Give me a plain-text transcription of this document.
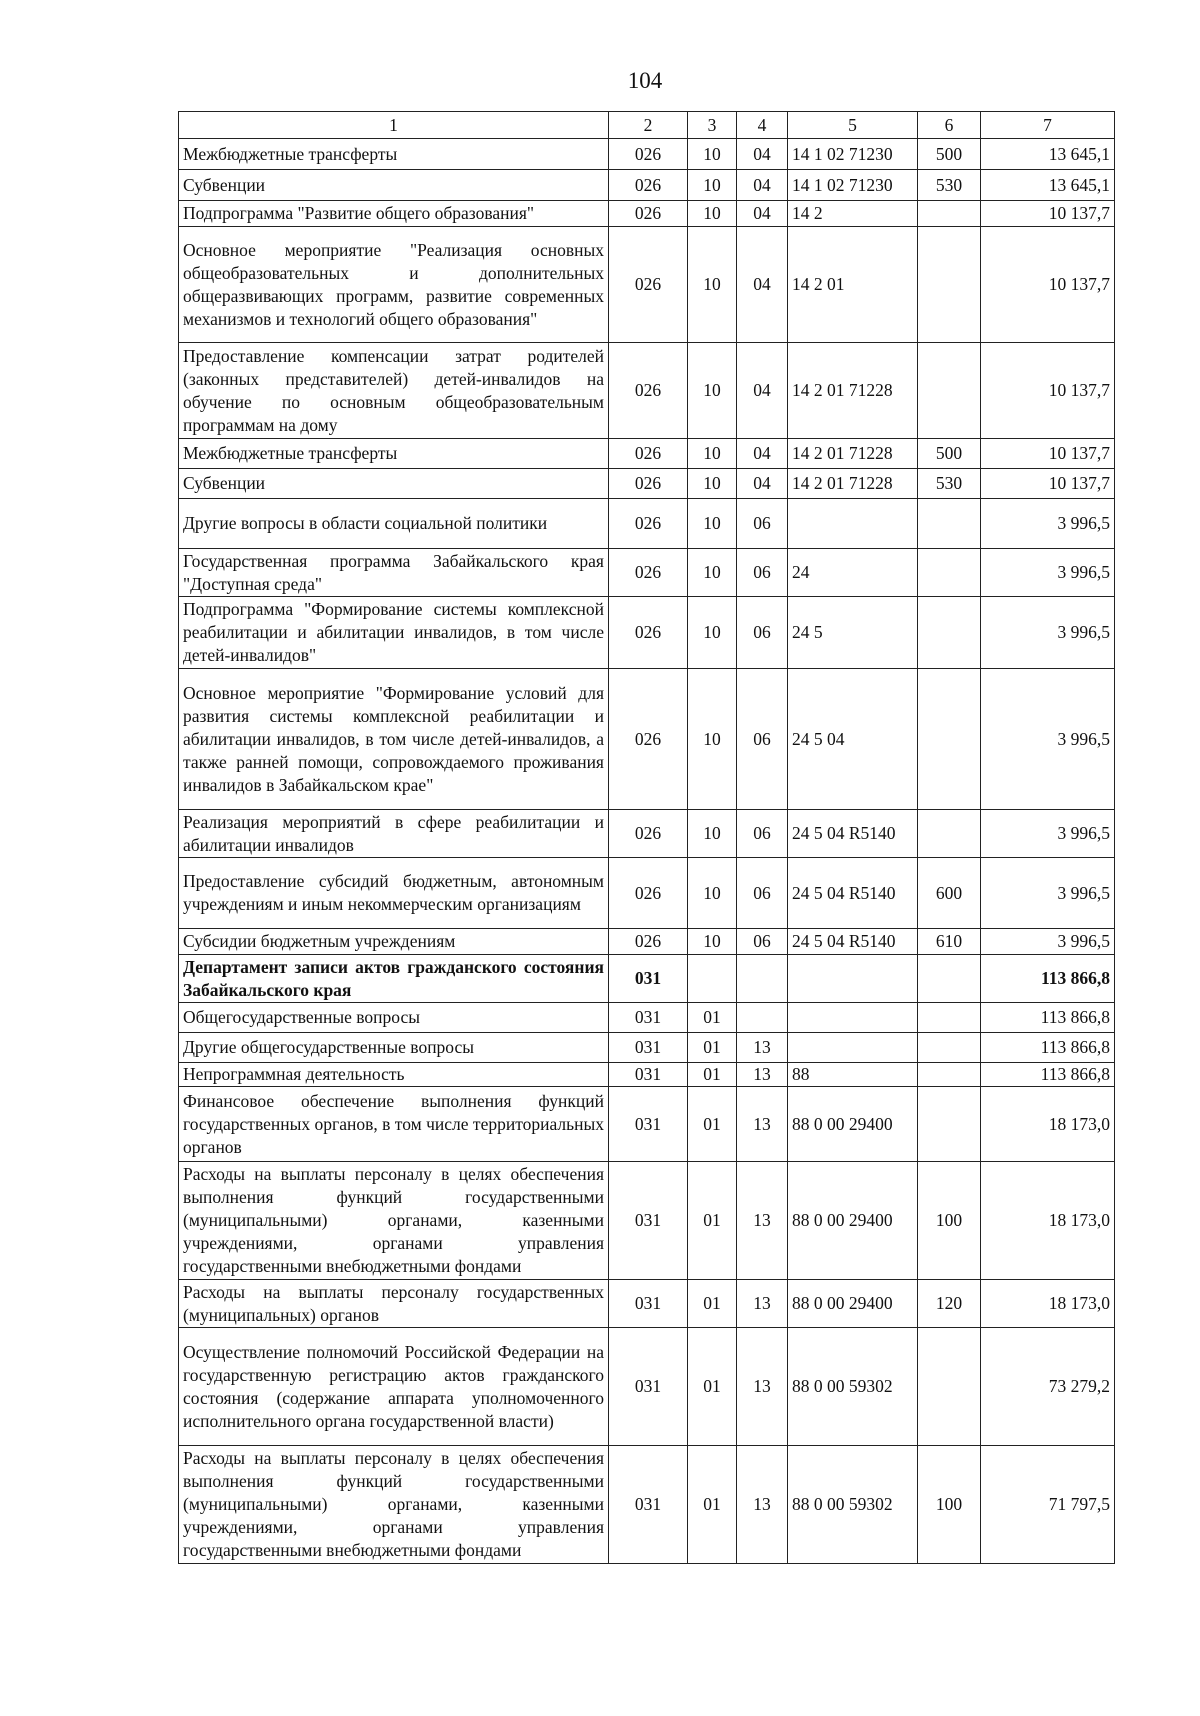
104
1	2	3	4	5	6	7
Межбюджетные трансферты	026	10	04	14 1 02 71230	500	13 645,1
Субвенции	026	10	04	14 1 02 71230	530	13 645,1
Подпрограмма "Развитие общего образования"	026	10	04	14 2		10 137,7
Основное мероприятие "Реализация основных общеобразовательных и дополнительных общеразвивающих программ, развитие современных механизмов и технологий общего образования"	026	10	04	14 2 01		10 137,7
Предоставление компенсации затрат родителей (законных представителей) детей-инвалидов на обучение по основным общеобразовательным программам на дому	026	10	04	14 2 01 71228		10 137,7
Межбюджетные трансферты	026	10	04	14 2 01 71228	500	10 137,7
Субвенции	026	10	04	14 2 01 71228	530	10 137,7
Другие вопросы в области социальной политики	026	10	06			3 996,5
Государственная программа Забайкальского края "Доступная среда"	026	10	06	24		3 996,5
Подпрограмма "Формирование системы комплексной реабилитации и абилитации инвалидов, в том числе детей-инвалидов"	026	10	06	24 5		3 996,5
Основное мероприятие "Формирование условий для развития системы комплексной реабилитации и абилитации инвалидов, в том числе детей-инвалидов, а также ранней помощи, сопровождаемого проживания инвалидов в Забайкальском крае"	026	10	06	24 5 04		3 996,5
Реализация мероприятий в сфере реабилитации и абилитации инвалидов	026	10	06	24 5 04 R5140		3 996,5
Предоставление субсидий бюджетным, автономным учреждениям и иным некоммерческим организациям	026	10	06	24 5 04 R5140	600	3 996,5
Субсидии бюджетным учреждениям	026	10	06	24 5 04 R5140	610	3 996,5
Департамент записи актов гражданского состояния Забайкальского края	031					113 866,8
Общегосударственные вопросы	031	01				113 866,8
Другие общегосударственные вопросы	031	01	13			113 866,8
Непрограммная деятельность	031	01	13	88		113 866,8
Финансовое обеспечение выполнения функций государственных органов, в том числе территориальных органов	031	01	13	88 0 00 29400		18 173,0
Расходы на выплаты персоналу в целях обеспечения выполнения функций государственными (муниципальными) органами, казенными учреждениями, органами управления государственными внебюджетными фондами	031	01	13	88 0 00 29400	100	18 173,0
Расходы на выплаты персоналу государственных (муниципальных) органов	031	01	13	88 0 00 29400	120	18 173,0
Осуществление полномочий Российской Федерации на государственную регистрацию актов гражданского состояния (содержание аппарата уполномоченного исполнительного органа государственной власти)	031	01	13	88 0 00 59302		73 279,2
Расходы на выплаты персоналу в целях обеспечения выполнения функций государственными (муниципальными) органами, казенными учреждениями, органами управления государственными внебюджетными фондами	031	01	13	88 0 00 59302	100	71 797,5
